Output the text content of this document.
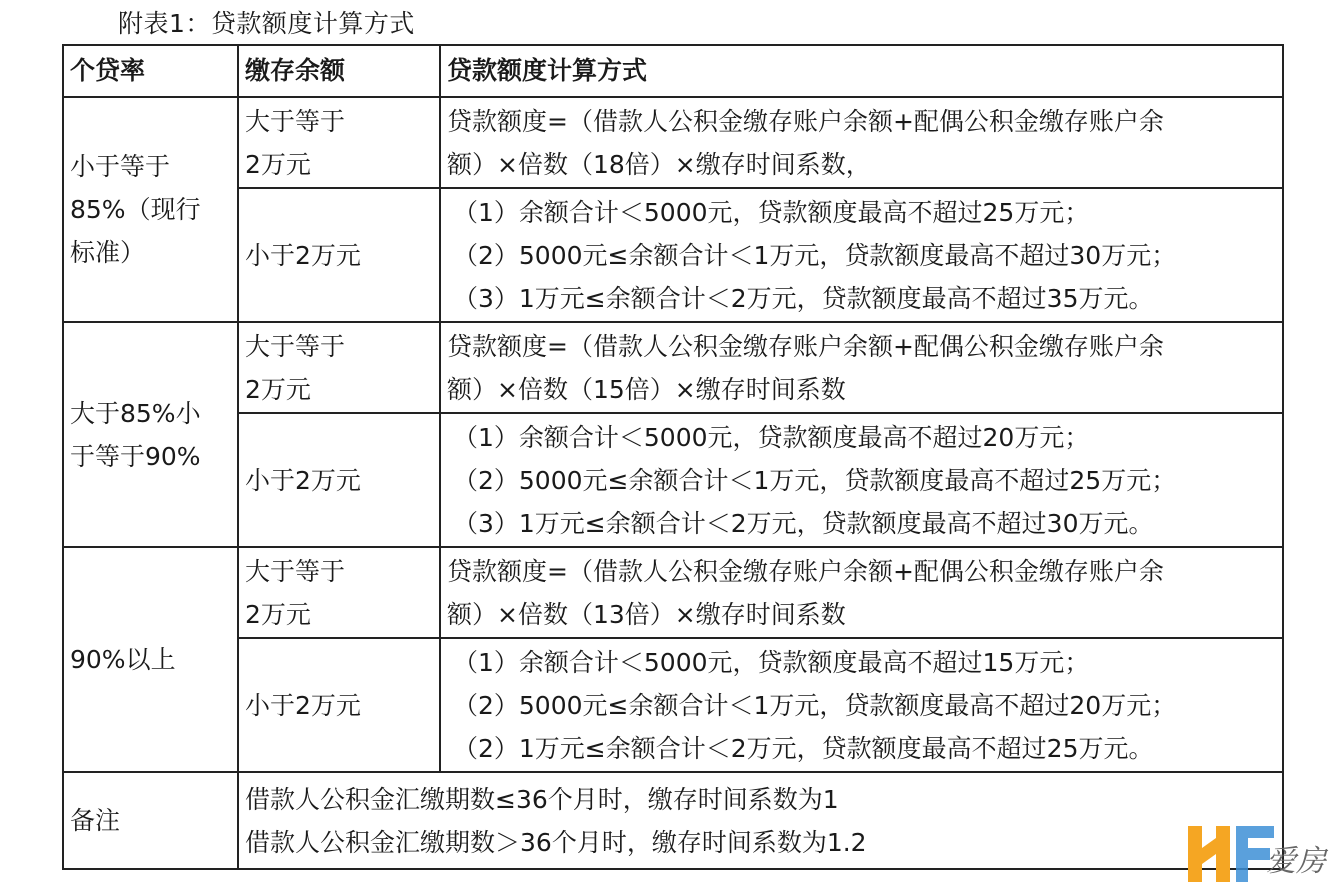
附表1：贷款额度计算方式
个贷率	缴存余额	贷款额度计算方式

小于等于
85%（现行
标准）	大于等于
2万元	贷款额度=（借款人公积金缴存账户余额+配偶公积金缴存账户余
额）×倍数（18倍）×缴存时间系数，

	小于2万元	（1）余额合计＜5000元，贷款额度最高不超过25万元；
（2）5000元≤余额合计＜1万元，贷款额度最高不超过30万元；
（3）1万元≤余额合计＜2万元，贷款额度最高不超过35万元。

大于85%小
于等于90%	大于等于
2万元	贷款额度=（借款人公积金缴存账户余额+配偶公积金缴存账户余
额）×倍数（15倍）×缴存时间系数

	小于2万元	（1）余额合计＜5000元，贷款额度最高不超过20万元；
（2）5000元≤余额合计＜1万元，贷款额度最高不超过25万元；
（3）1万元≤余额合计＜2万元，贷款额度最高不超过30万元。

90%以上	大于等于
2万元	贷款额度=（借款人公积金缴存账户余额+配偶公积金缴存账户余
额）×倍数（13倍）×缴存时间系数

	小于2万元	（1）余额合计＜5000元，贷款额度最高不超过15万元；
（2）5000元≤余额合计＜1万元，贷款额度最高不超过20万元；
（2）1万元≤余额合计＜2万元，贷款额度最高不超过25万元。

备注	借款人公积金汇缴期数≤36个月时，缴存时间系数为1
借款人公积金汇缴期数＞36个月时，缴存时间系数为1.2	
爱房
